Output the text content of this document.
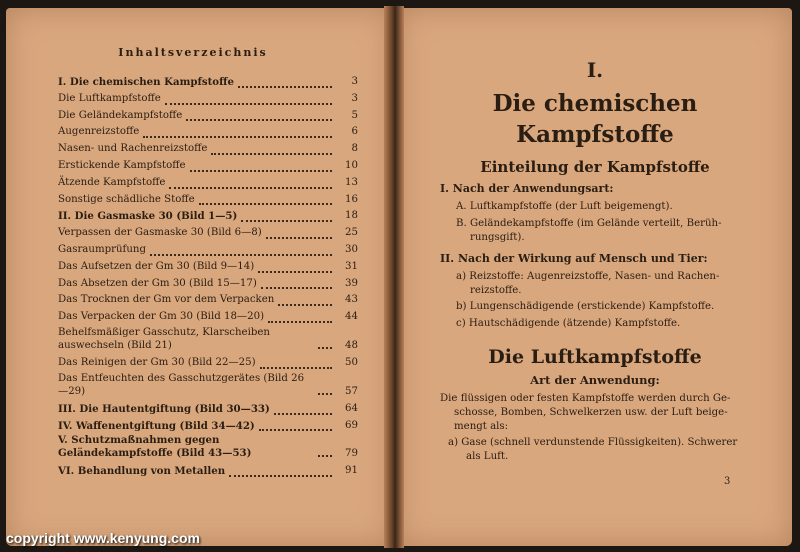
Inhaltsverzeichnis
I. Die chemischen Kampfstoffe	3
Die Luftkampfstoffe	3
Die Geländekampfstoffe	5
Augenreizstoffe	6
Nasen- und Rachenreizstoffe	8
Erstickende Kampfstoffe	10
Ätzende Kampfstoffe	13
Sonstige schädliche Stoffe	16
II. Die Gasmaske 30 (Bild 1—5)	18
Verpassen der Gasmaske 30 (Bild 6—8)	25
Gasraumprüfung	30
Das Aufsetzen der Gm 30 (Bild 9—14)	31
Das Absetzen der Gm 30 (Bild 15—17)	39
Das Trocknen der Gm vor dem Verpacken	43
Das Verpacken der Gm 30 (Bild 18—20)	44
Behelfsmäßiger Gasschutz, Klarscheiben auswechseln (Bild 21)	48
Das Reinigen der Gm 30 (Bild 22—25)	50
Das Entfeuchten des Gasschutzgerätes (Bild 26—29)	57
III. Die Hautentgiftung (Bild 30—33)	64
IV. Waffenentgiftung (Bild 34—42)	69
V. Schutzmaßnahmen gegen Geländekampfstoffe (Bild 43—53)	79
VI. Behandlung von Metallen	91
I.
Die chemischen
Kampfstoffe
Einteilung der Kampfstoffe
I. Nach der Anwendungsart:
A. Luftkampfstoffe (der Luft beigemengt).
B. Geländekampfstoffe (im Gelände verteilt, Berüh-
rungsgift).
II. Nach der Wirkung auf Mensch und Tier:
a) Reizstoffe: Augenreizstoffe, Nasen- und Rachen-
reizstoffe.
b) Lungenschädigende (erstickende) Kampfstoffe.
c) Hautschädigende (ätzende) Kampfstoffe.
Die Luftkampfstoffe
Art der Anwendung:
Die flüssigen oder festen Kampfstoffe werden durch Ge-
schosse, Bomben, Schwelkerzen usw. der Luft beige-
mengt als:
a) Gase (schnell verdunstende Flüssigkeiten). Schwerer
als Luft.
3
copyright www.kenyung.com
